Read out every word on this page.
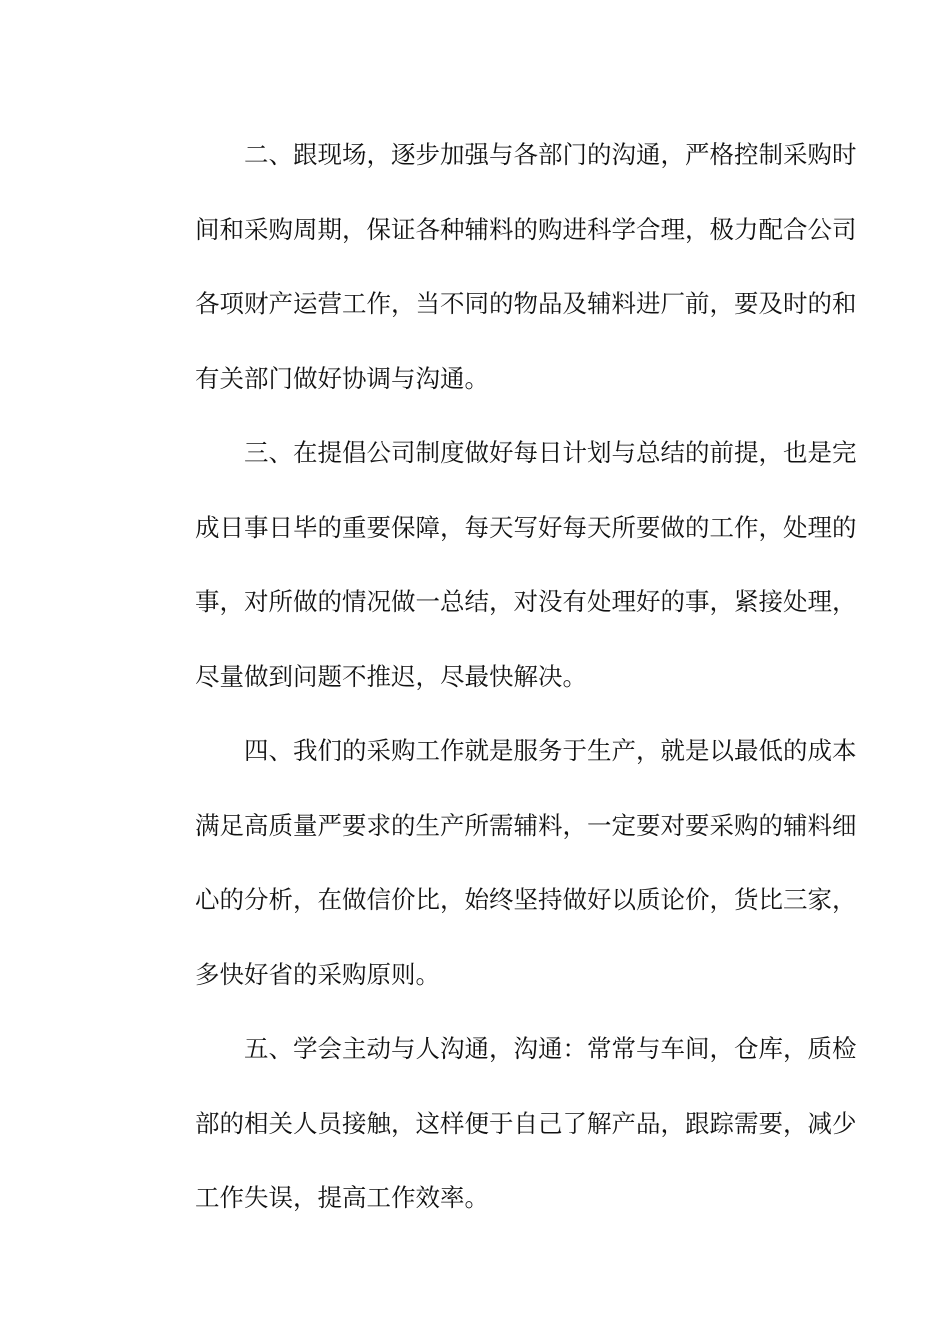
二、跟现场，逐步加强与各部门的沟通，严格控制采购时
间和采购周期，保证各种辅料的购进科学合理，极力配合公司
各项财产运营工作，当不同的物品及辅料进厂前，要及时的和
有关部门做好协调与沟通。
三、在提倡公司制度做好每日计划与总结的前提，也是完
成日事日毕的重要保障，每天写好每天所要做的工作，处理的
事，对所做的情况做一总结，对没有处理好的事，紧接处理，
尽量做到问题不推迟，尽最快解决。
四、我们的采购工作就是服务于生产，就是以最低的成本
满足高质量严要求的生产所需辅料，一定要对要采购的辅料细
心的分析，在做信价比，始终坚持做好以质论价，货比三家，
多快好省的采购原则。
五、学会主动与人沟通，沟通：常常与车间，仓库，质检
部的相关人员接触，这样便于自己了解产品，跟踪需要，减少
工作失误，提高工作效率。
